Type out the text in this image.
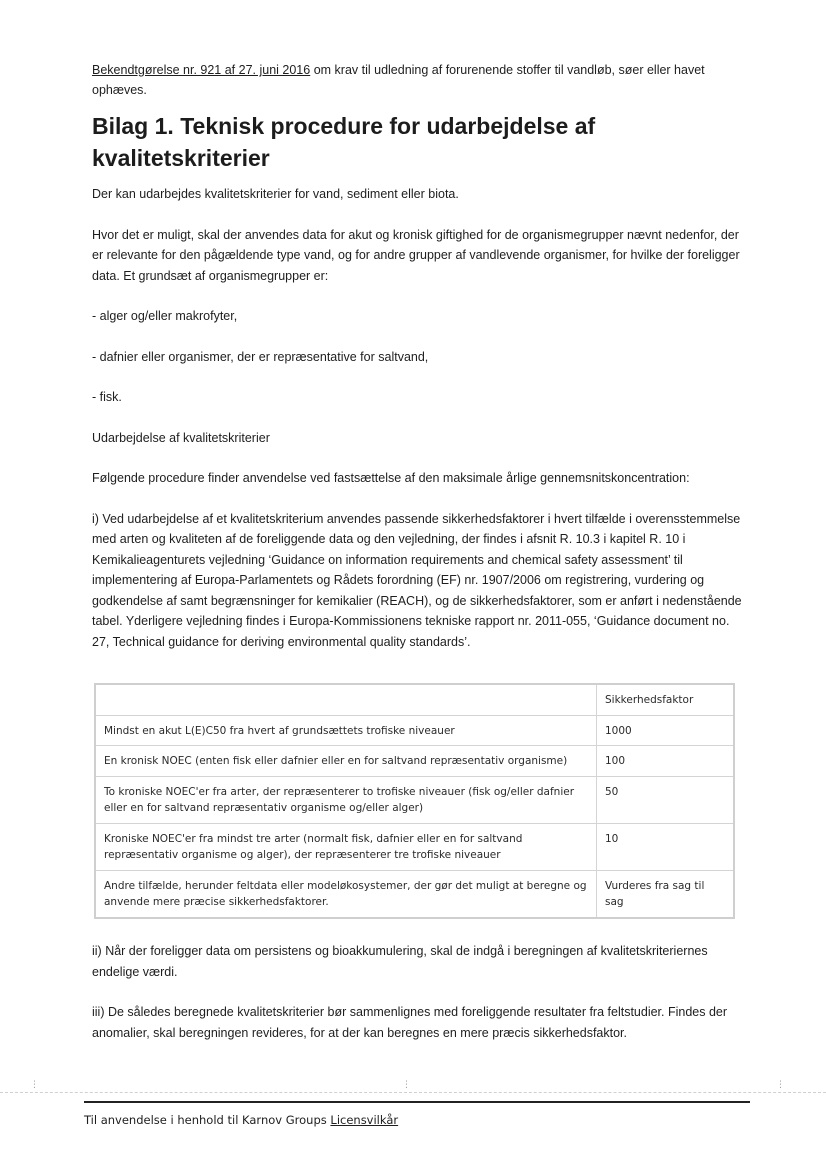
Bekendtgørelse nr. 921 af 27. juni 2016 om krav til udledning af forurenende stoffer til vandløb, søer eller havet ophæves.

Bilag 1. Teknisk procedure for udarbejdelse af kvalitetskriterier

Der kan udarbejdes kvalitetskriterier for vand, sediment eller biota.

Hvor det er muligt, skal der anvendes data for akut og kronisk giftighed for de organismegrupper nævnt nedenfor, der er relevante for den pågældende type vand, og for andre grupper af vandlevende organismer, for hvilke der foreligger data. Et grundsæt af organismegrupper er:

- alger og/eller makrofyter,

- dafnier eller organismer, der er repræsentative for saltvand,

- fisk.

Udarbejdelse af kvalitetskriterier

Følgende procedure finder anvendelse ved fastsættelse af den maksimale årlige gennemsnitskoncentration:

i) Ved udarbejdelse af et kvalitetskriterium anvendes passende sikkerhedsfaktorer i hvert tilfælde i overensstemmelse med arten og kvaliteten af de foreliggende data og den vejledning, der findes i afsnit R. 10.3 i kapitel R. 10 i Kemikalieagenturets vejledning ‘Guidance on information requirements and chemical safety assessment’ til implementering af Europa-Parlamentets og Rådets forordning (EF) nr. 1907/2006 om registrering, vurdering og godkendelse af samt begrænsninger for kemikalier (REACH), og de sikkerhedsfaktorer, som er anført i nedenstående tabel. Yderligere vejledning findes i Europa-Kommissionens tekniske rapport nr. 2011-055, ‘Guidance document no. 27, Technical guidance for deriving environmental quality standards’.

	Sikkerhedsfaktor
Mindst en akut L(E)C50 fra hvert af grundsættets trofiske niveauer	1000
En kronisk NOEC (enten fisk eller dafnier eller en for saltvand repræsentativ organisme)	100
To kroniske NOEC'er fra arter, der repræsenterer to trofiske niveauer (fisk og/eller dafnier eller en for saltvand repræsentativ organisme og/eller alger)	50
Kroniske NOEC'er fra mindst tre arter (normalt fisk, dafnier eller en for saltvand repræsentativ organisme og alger), der repræsenterer tre trofiske niveauer	10
Andre tilfælde, herunder feltdata eller modeløkosystemer, der gør det muligt at beregne og anvende mere præcise sikkerhedsfaktorer.	Vurderes fra sag til sag

ii) Når der foreligger data om persistens og bioakkumulering, skal de indgå i beregningen af kvalitetskriteriernes endelige værdi.

iii) De således beregnede kvalitetskriterier bør sammenlignes med foreliggende resultater fra feltstudier. Findes der anomalier, skal beregningen revideres, for at der kan beregnes en mere præcis sikkerhedsfaktor.

⋮	⋮	⋮
Til anvendelse i henhold til Karnov Groups Licensvilkår
